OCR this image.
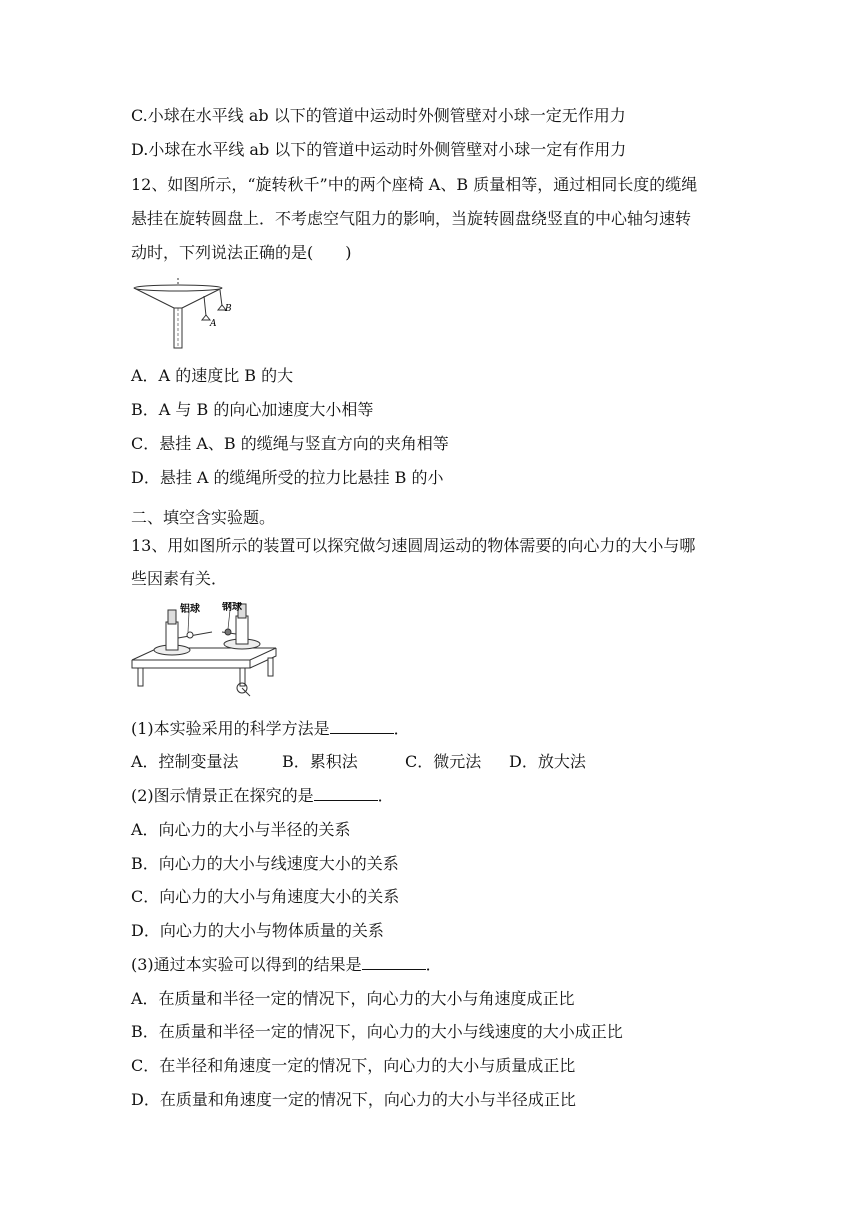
C.小球在水平线 ab 以下的管道中运动时外侧管壁对小球一定无作用力
D.小球在水平线 ab 以下的管道中运动时外侧管壁对小球一定有作用力
12、如图所示，“旋转秋千”中的两个座椅 A、B 质量相等，通过相同长度的缆绳
悬挂在旋转圆盘上．不考虑空气阻力的影响，当旋转圆盘绕竖直的中心轴匀速转
动时，下列说法正确的是(　　)
A
B
A．A 的速度比 B 的大
B．A 与 B 的向心加速度大小相等
C．悬挂 A、B 的缆绳与竖直方向的夹角相等
D．悬挂 A 的缆绳所受的拉力比悬挂 B 的小
二、填空含实验题。
13、用如图所示的装置可以探究做匀速圆周运动的物体需要的向心力的大小与哪
些因素有关．
铝球 钢球
(1)本实验采用的科学方法是	．
A．控制变量法	B．累积法	C．微元法 D．放大法
(2)图示情景正在探究的是	．
A．向心力的大小与半径的关系
B．向心力的大小与线速度大小的关系
C．向心力的大小与角速度大小的关系
D．向心力的大小与物体质量的关系
(3)通过本实验可以得到的结果是	．
A．在质量和半径一定的情况下，向心力的大小与角速度成正比
B．在质量和半径一定的情况下，向心力的大小与线速度的大小成正比
C．在半径和角速度一定的情况下，向心力的大小与质量成正比
D．在质量和角速度一定的情况下，向心力的大小与半径成正比
